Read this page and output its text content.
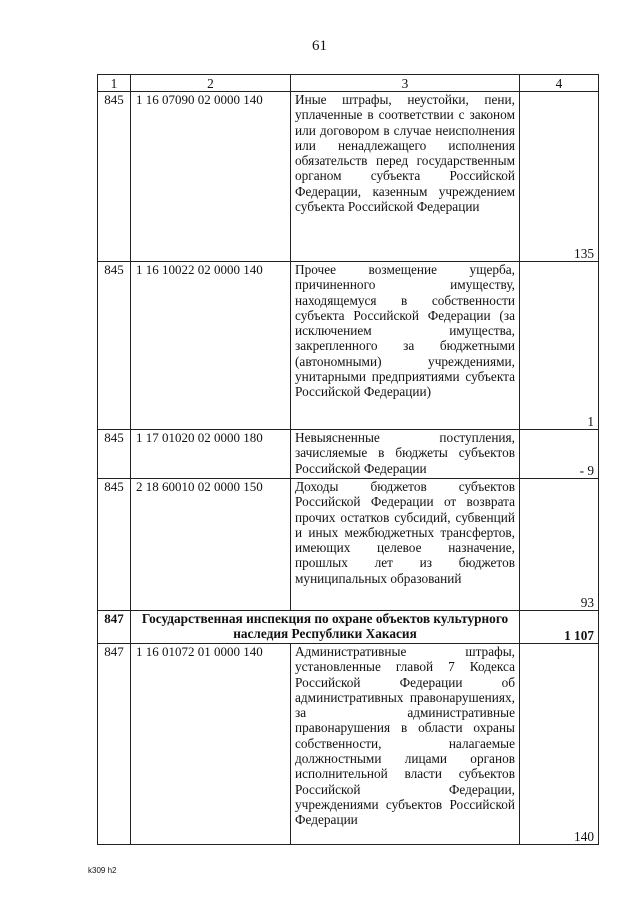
61
1	2	3	4
845	1 16 07090 02 0000 140	Иные штрафы, неустойки, пени, уплаченные в соответствии с законом или договором в случае неисполнения или ненадлежащего исполнения обязательств перед государственным органом субъекта Российской Федерации, казенным учреждением субъекта Российской Федерации	135
845	1 16 10022 02 0000 140	Прочее возмещение ущерба, причиненного имуществу, находящемуся в собственности субъекта Российской Федерации (за исключением имущества, закрепленного за бюджетными (автономными) учреждениями, унитарными предприятиями субъекта Российской Федерации)	1
845	1 17 01020 02 0000 180	Невыясненные поступления, зачисляемые в бюджеты субъектов Российской Федерации	- 9
845	2 18 60010 02 0000 150	Доходы бюджетов субъектов Российской Федерации от возврата прочих остатков субсидий, субвенций и иных межбюджетных трансфертов, имеющих целевое назначение, прошлых лет из бюджетов муниципальных образований	93
847	Государственная инспекция по охране объектов культурного наследия Республики Хакасия		1 107
847	1 16 01072 01 0000 140	Административные штрафы, установленные главой 7 Кодекса Российской Федерации об административных правонарушениях, за административные правонарушения в области охраны собственности, налагаемые должностными лицами органов исполнительной власти субъектов Российской Федерации, учреждениями субъектов Российской Федерации	140
k309 h2
